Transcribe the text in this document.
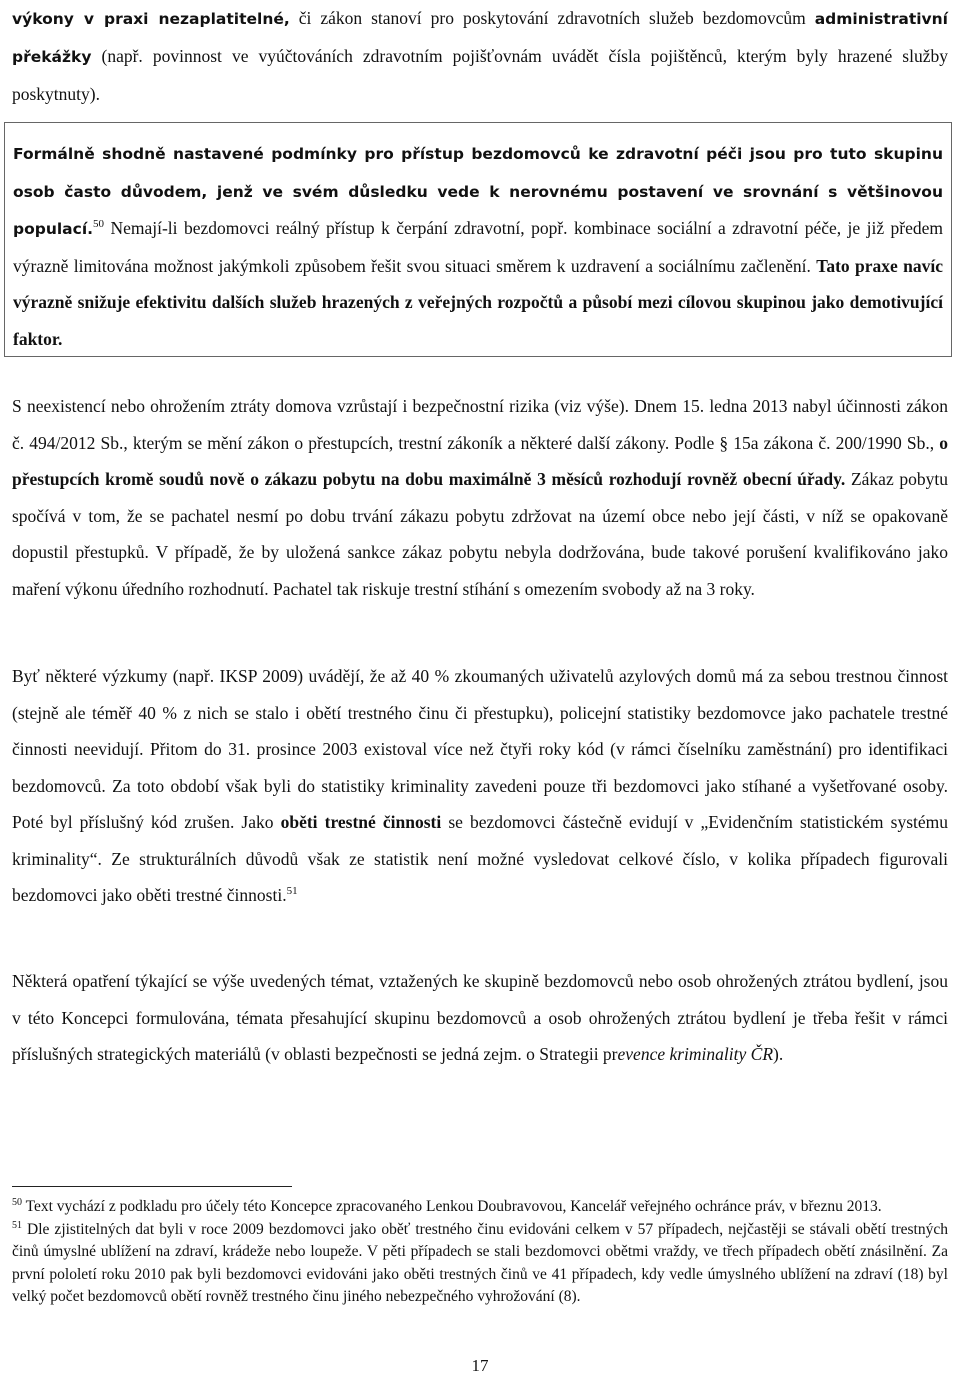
výkony v praxi nezaplatitelné, či zákon stanoví pro poskytování zdravotních služeb bezdomovcům administrativní překážky (např. povinnost ve vyúčtováních zdravotním pojišťovnám uvádět čísla pojištěnců, kterým byly hrazené služby poskytnuty).
Formálně shodně nastavené podmínky pro přístup bezdomovců ke zdravotní péči jsou pro tuto skupinu osob často důvodem, jenž ve svém důsledku vede k nerovnému postavení ve srovnání s většinovou populací.$^{50}$ Nemají-li bezdomovci reálný přístup k čerpání zdravotní, popř. kombinace sociální a zdravotní péče, je již předem výrazně limitována možnost jakýmkoli způsobem řešit svou situaci směrem k uzdravení a sociálnímu začlenění. Tato praxe navíc výrazně snižuje efektivitu dalších služeb hrazených z veřejných rozpočtů a působí mezi cílovou skupinou jako demotivující faktor.
S neexistencí nebo ohrožením ztráty domova vzrůstají i bezpečnostní rizika (viz výše). Dnem 15. ledna 2013 nabyl účinnosti zákon č. 494/2012 Sb., kterým se mění zákon o přestupcích, trestní zákoník a některé další zákony. Podle § 15a zákona č. 200/1990 Sb., o přestupcích kromě soudů nově o zákazu pobytu na dobu maximálně 3 měsíců rozhodují rovněž obecní úřady. Zákaz pobytu spočívá v tom, že se pachatel nesmí po dobu trvání zákazu pobytu zdržovat na území obce nebo její části, v níž se opakovaně dopustil přestupků. V případě, že by uložená sankce zákaz pobytu nebyla dodržována, bude takové porušení kvalifikováno jako maření výkonu úředního rozhodnutí. Pachatel tak riskuje trestní stíhání s omezením svobody až na 3 roky.
Byť některé výzkumy (např. IKSP 2009) uvádějí, že až 40 % zkoumaných uživatelů azylových domů má za sebou trestnou činnost (stejně ale téměř 40 % z nich se stalo i obětí trestného činu či přestupku), policejní statistiky bezdomovce jako pachatele trestné činnosti neevidují. Přitom do 31. prosince 2003 existoval více než čtyři roky kód (v rámci číselníku zaměstnání) pro identifikaci bezdomovců. Za toto období však byli do statistiky kriminality zavedeni pouze tři bezdomovci jako stíhané a vyšetřované osoby. Poté byl příslušný kód zrušen. Jako oběti trestné činnosti se bezdomovci částečně evidují v „Evidenčním statistickém systému kriminality“. Ze strukturálních důvodů však ze statistik není možné vysledovat celkové číslo, v kolika případech figurovali bezdomovci jako oběti trestné činnosti.$^{51}$
Některá opatření týkající se výše uvedených témat, vztažených ke skupině bezdomovců nebo osob ohrožených ztrátou bydlení, jsou v této Koncepci formulována, témata přesahující skupinu bezdomovců a osob ohrožených ztrátou bydlení je třeba řešit v rámci příslušných strategických materiálů (v oblasti bezpečnosti se jedná zejm. o Strategii prevence kriminality ČR).

$^{50}$ Text vychází z podkladu pro účely této Koncepce zpracovaného Lenkou Doubravovou, Kancelář veřejného ochránce práv, v březnu 2013.

$^{51}$ Dle zjistitelných dat byli v roce 2009 bezdomovci jako oběť trestného činu evidováni celkem v 57 případech, nejčastěji se stávali obětí trestných činů úmyslné ublížení na zdraví, krádeže nebo loupeže. V pěti případech se stali bezdomovci obětmi vraždy, ve třech případech obětí znásilnění. Za první pololetí roku 2010 pak byli bezdomovci evidováni jako oběti trestných činů ve 41 případech, kdy vedle úmyslného ublížení na zdraví (18) byl velký počet bezdomovců obětí rovněž trestného činu jiného nebezpečného vyhrožování (8).

17
